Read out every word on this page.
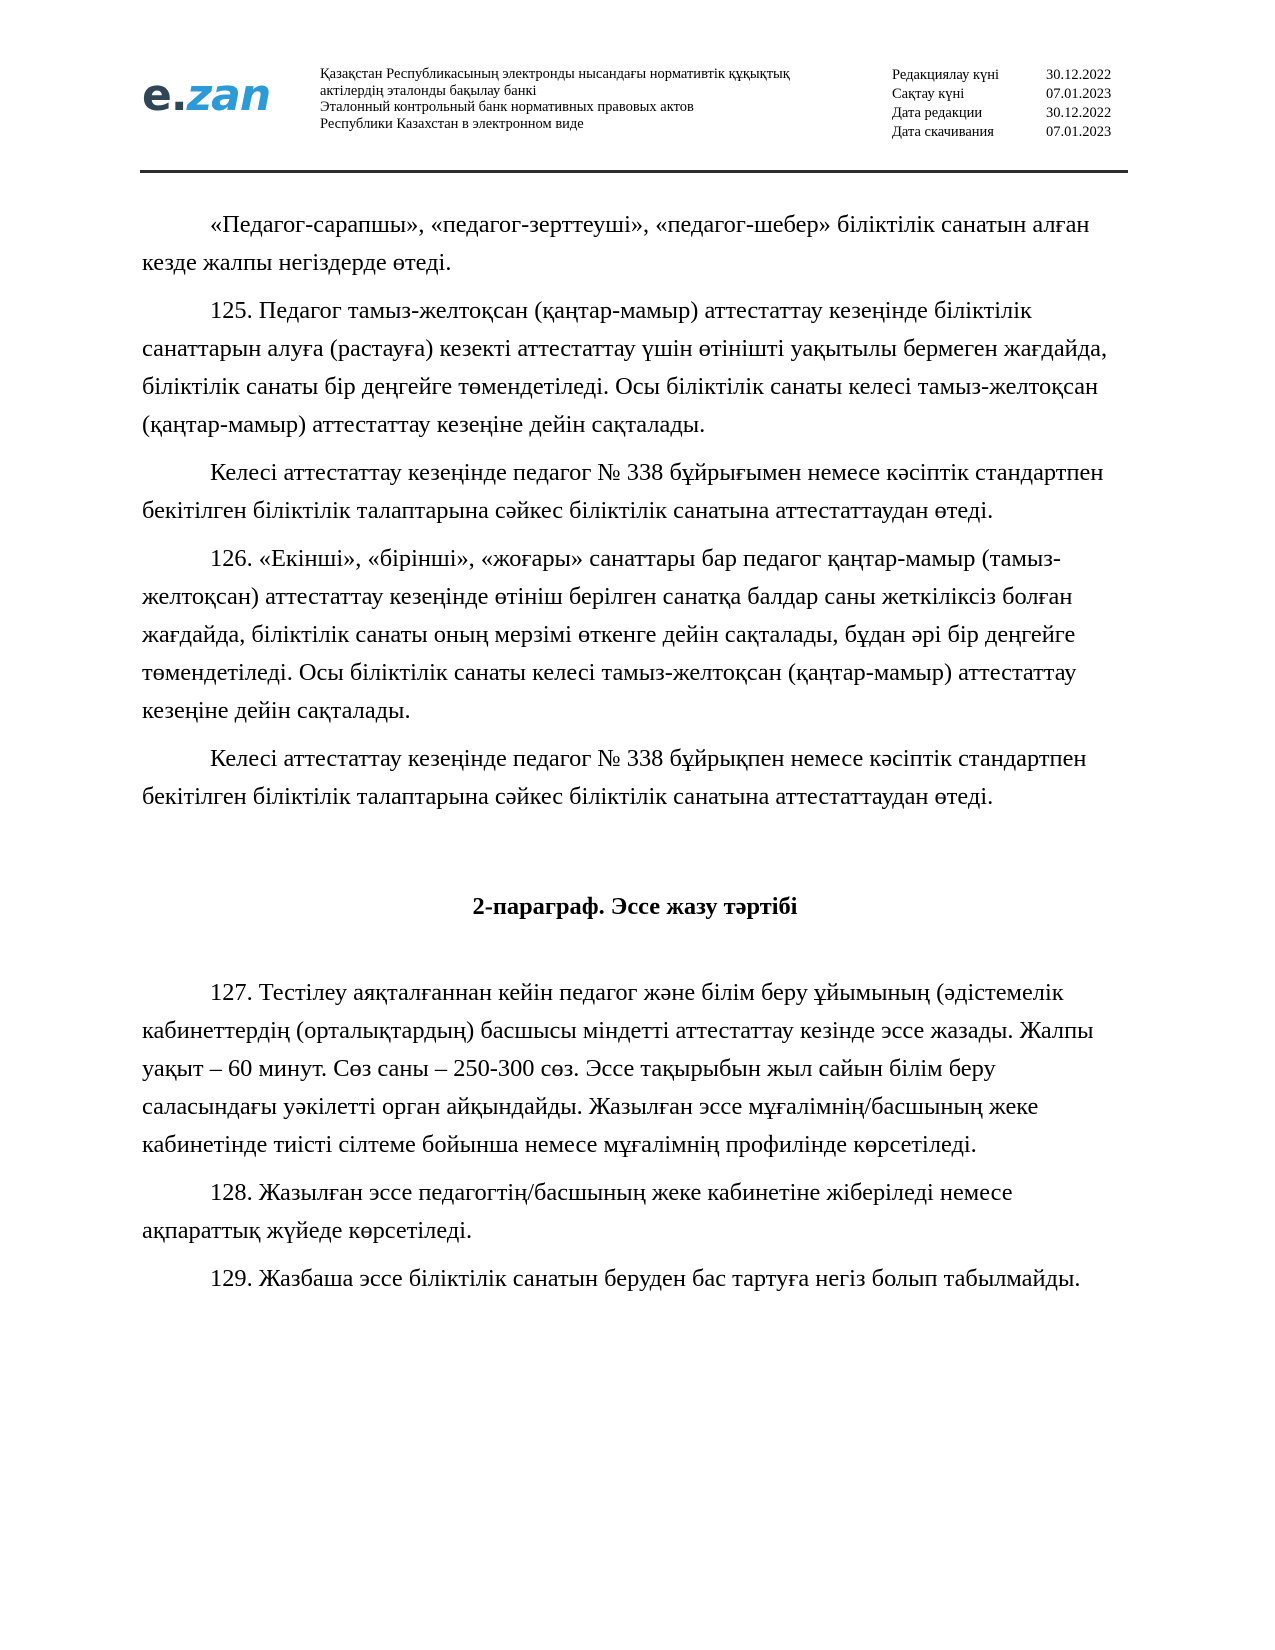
e.zan	Қазақстан Республикасының электронды нысандағы нормативтік құқықтық
актілердің эталонды бақылау банкі
Эталонный контрольный банк нормативных правовых актов
Республики Казахстан в электронном виде
Редакциялау күні	30.12.2022
Сақтау күні	07.01.2023
Дата редакции	30.12.2022
Дата скачивания	07.01.2023

«Педагог-сарапшы», «педагог-зерттеуші», «педагог-шебер» біліктілік санатын алған кезде жалпы негіздерде өтеді.

125. Педагог тамыз-желтоқсан (қаңтар-мамыр) аттестаттау кезеңінде біліктілік санаттарын алуға (растауға) кезекті аттестаттау үшін өтінішті уақытылы бермеген жағдайда, біліктілік санаты бір деңгейге төмендетіледі. Осы біліктілік санаты келесі тамыз-желтоқсан (қаңтар-мамыр) аттестаттау кезеңіне дейін сақталады.

Келесі аттестаттау кезеңінде педагог № 338 бұйрығымен немесе кәсіптік стандартпен бекітілген біліктілік талаптарына сәйкес біліктілік санатына аттестаттаудан өтеді.

126. «Екінші», «бірінші», «жоғары» санаттары бар педагог қаңтар-мамыр (тамыз-желтоқсан) аттестаттау кезеңінде өтініш берілген санатқа балдар саны жеткіліксіз болған жағдайда, біліктілік санаты оның мерзімі өткенге дейін сақталады, бұдан әрі бір деңгейге төмендетіледі. Осы біліктілік санаты келесі тамыз-желтоқсан (қаңтар-мамыр) аттестаттау кезеңіне дейін сақталады.

Келесі аттестаттау кезеңінде педагог № 338 бұйрықпен немесе кәсіптік стандартпен бекітілген біліктілік талаптарына сәйкес біліктілік санатына аттестаттаудан өтеді.

2-параграф. Эссе жазу тәртібі

127. Тестілеу аяқталғаннан кейін педагог және білім беру ұйымының (әдістемелік кабинеттердің (орталықтардың) басшысы міндетті аттестаттау кезінде эссе жазады. Жалпы уақыт – 60 минут. Сөз саны – 250-300 сөз. Эссе тақырыбын жыл сайын білім беру саласындағы уәкілетті орган айқындайды. Жазылған эссе мұғалімнің/басшының жеке кабинетінде тиісті сілтеме бойынша немесе мұғалімнің профилінде көрсетіледі.

128. Жазылған эссе педагогтің/басшының жеке кабинетіне жіберіледі немесе ақпараттық жүйеде көрсетіледі.

129. Жазбаша эссе біліктілік санатын беруден бас тартуға негіз болып табылмайды.
